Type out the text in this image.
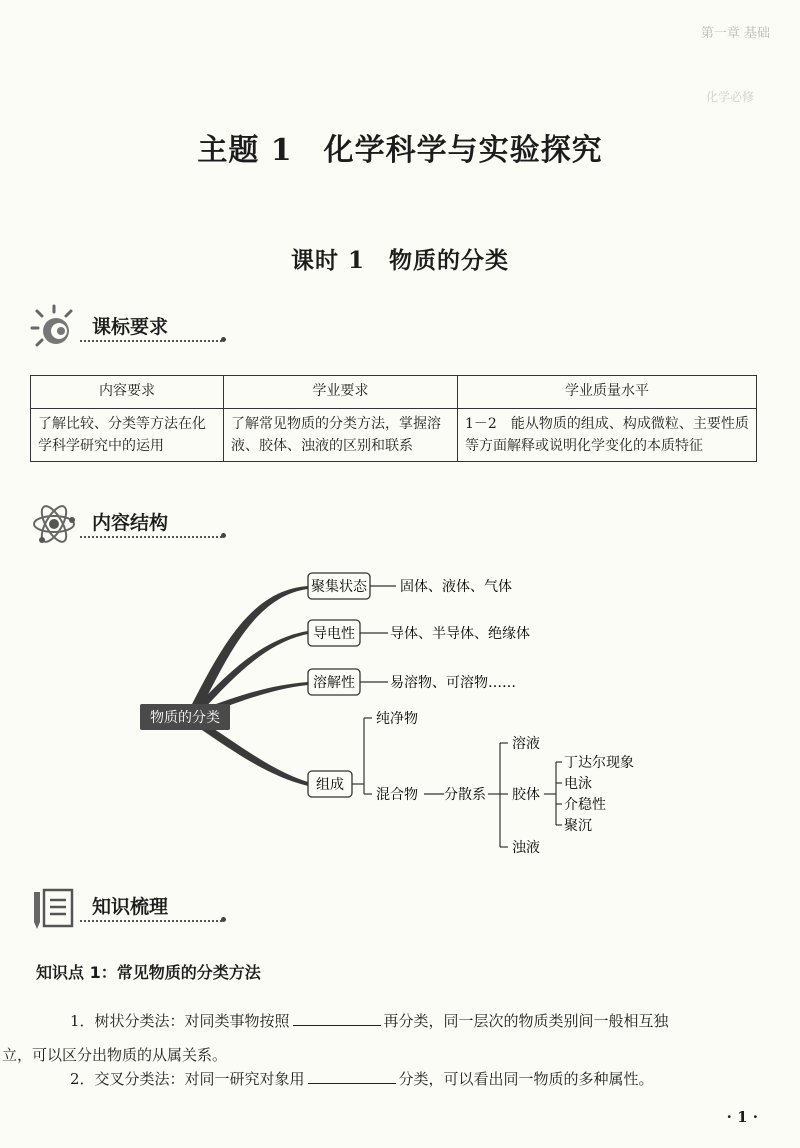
第一章 基础
化学必修
主题 1　化学科学与实验探究
课时 1　物质的分类
课标要求
内容要求	学业要求	学业质量水平
了解比较、分类等方法在化学科学研究中的运用	了解常见物质的分类方法，掌握溶液、胶体、浊液的区别和联系	1－2　能从物质的组成、构成微粒、主要性质等方面解释或说明化学变化的本质特征
内容结构
物质的分类
聚集状态 固体、液体、气体
导电性	导体、半导体、绝缘体
溶解性	易溶物、可溶物……
组成
纯净物
混合物 分散系
溶液
胶体
浊液
丁达尔现象
电泳
介稳性
聚沉
知识梳理
知识点 1：常见物质的分类方法
1．树状分类法：对同类事物按照	再分类，同一层次的物质类别间一般相互独
立，可以区分出物质的从属关系。
2．交叉分类法：对同一研究对象用	分类，可以看出同一物质的多种属性。
· 1 ·
